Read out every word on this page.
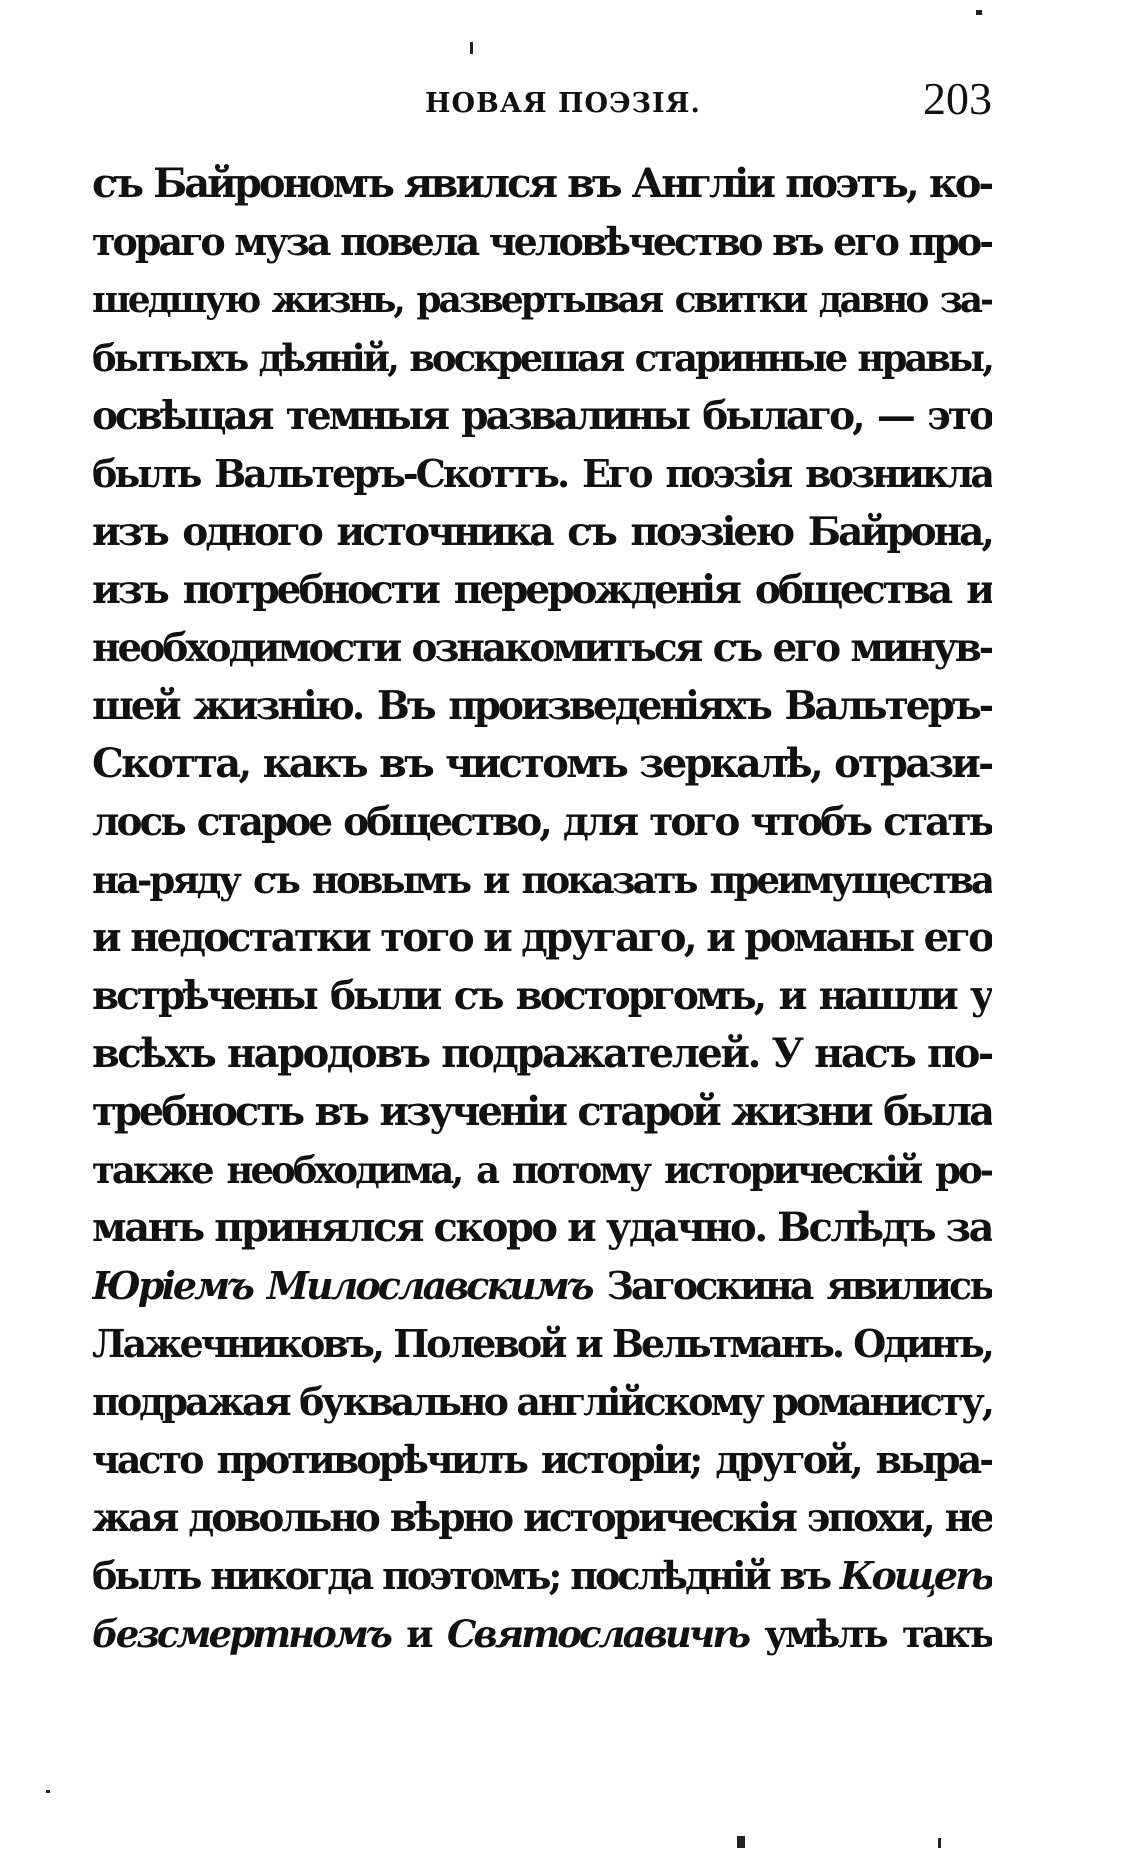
НОВАЯ ПОЭЗІЯ.	203
съ Байрономъ явился въ Англіи поэтъ, ко-
тораго муза повела человѣчество въ его про-
шедшую жизнь, развертывая свитки давно за-
бытыхъ дѣяній, воскрешая старинные нравы,
освѣщая темныя развалины былаго, — это
былъ Вальтеръ-Скоттъ. Его поэзія возникла
изъ одного источника съ поэзіею Байрона,
изъ потребности перерожденія общества и
необходимости ознакомиться съ его минув-
шей жизнію. Въ произведеніяхъ Вальтеръ-
Скотта, какъ въ чистомъ зеркалѣ, отрази-
лось старое общество, для того чтобъ стать
на-ряду съ новымъ и показать преимущества
и недостатки того и другаго, и романы его
встрѣчены были съ восторгомъ, и нашли у
всѣхъ народовъ подражателей. У насъ по-
требность въ изученіи старой жизни была
также необходима, а потому историческій ро-
манъ принялся скоро и удачно. Вслѣдъ за
Юріемъ Милославскимъ Загоскина явились
Лажечниковъ, Полевой и Вельтманъ. Одинъ,
подражая буквально англійскому романисту,
часто противорѣчилъ исторіи; другой, выра-
жая довольно вѣрно историческія эпохи, не
былъ никогда поэтомъ; послѣдній въ Кощеѣ
безсмертномъ и Святославичѣ умѣлъ такъ
